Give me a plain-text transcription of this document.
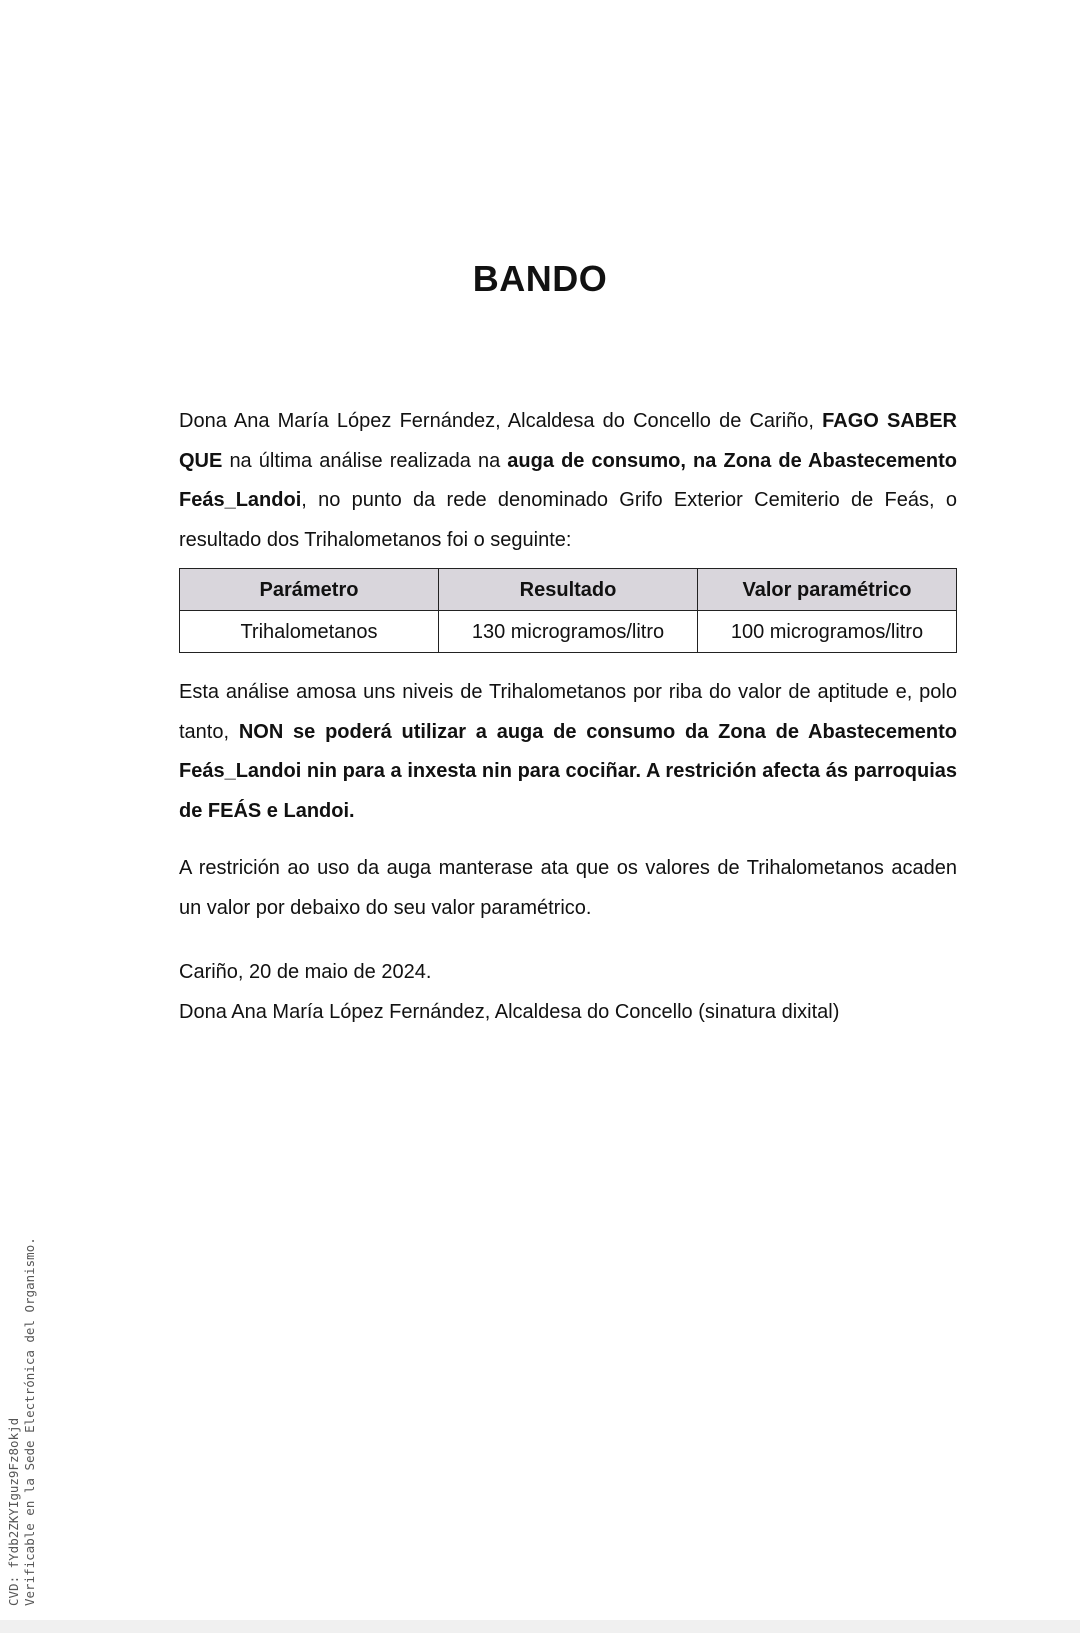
BANDO

Dona Ana María López Fernández, Alcaldesa do Concello de Cariño, FAGO SABER QUE na última análise realizada na auga de consumo, na Zona de Abastecemento Feás_Landoi, no punto da rede denominado Grifo Exterior Cemiterio de Feás, o resultado dos Trihalometanos foi o seguinte:

Parámetro	Resultado	Valor paramétrico
Trihalometanos	130 microgramos/litro	100 microgramos/litro

Esta análise amosa uns niveis de Trihalometanos por riba do valor de aptitude e, polo tanto, NON se poderá utilizar a auga de consumo da Zona de Abastecemento Feás_Landoi nin para a inxesta nin para cociñar. A restrición afecta ás parroquias de FEÁS e Landoi.

A restrición ao uso da auga manterase ata que os valores de Trihalometanos acaden un valor por debaixo do seu valor paramétrico.

Cariño, 20 de maio de 2024.

Dona Ana María López Fernández, Alcaldesa do Concello (sinatura dixital)

CVD: fYdb2ZKYIguz9Fz8okjd Verificable en la Sede Electrónica del Organismo.
